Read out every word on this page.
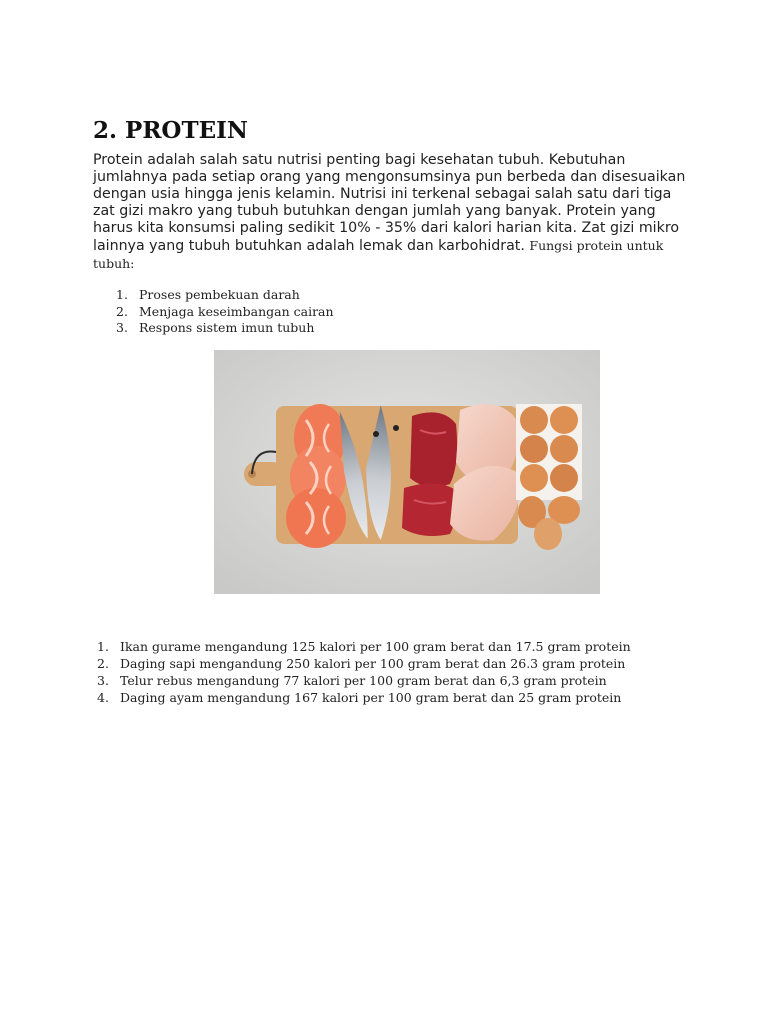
2. PROTEIN

Protein adalah salah satu nutrisi penting bagi kesehatan tubuh. Kebutuhan jumlahnya pada setiap orang yang mengonsumsinya pun berbeda dan disesuaikan dengan usia hingga jenis kelamin. Nutrisi ini terkenal sebagai salah satu dari tiga zat gizi makro yang tubuh butuhkan dengan jumlah yang banyak. Protein yang harus kita konsumsi paling sedikit 10% - 35% dari kalori harian kita. Zat gizi mikro lainnya yang tubuh butuhkan adalah lemak dan karbohidrat. Fungsi protein untuk tubuh:

1. Proses pembekuan darah
2. Menjaga keseimbangan cairan
3. Respons sistem imun tubuh
1. Ikan gurame mengandung 125 kalori per 100 gram berat dan 17.5 gram protein
2. Daging sapi mengandung 250 kalori per 100 gram berat dan 26.3 gram protein
3. Telur rebus mengandung 77 kalori per 100 gram berat dan 6,3 gram protein
4. Daging ayam mengandung 167 kalori per 100 gram berat dan 25 gram protein
